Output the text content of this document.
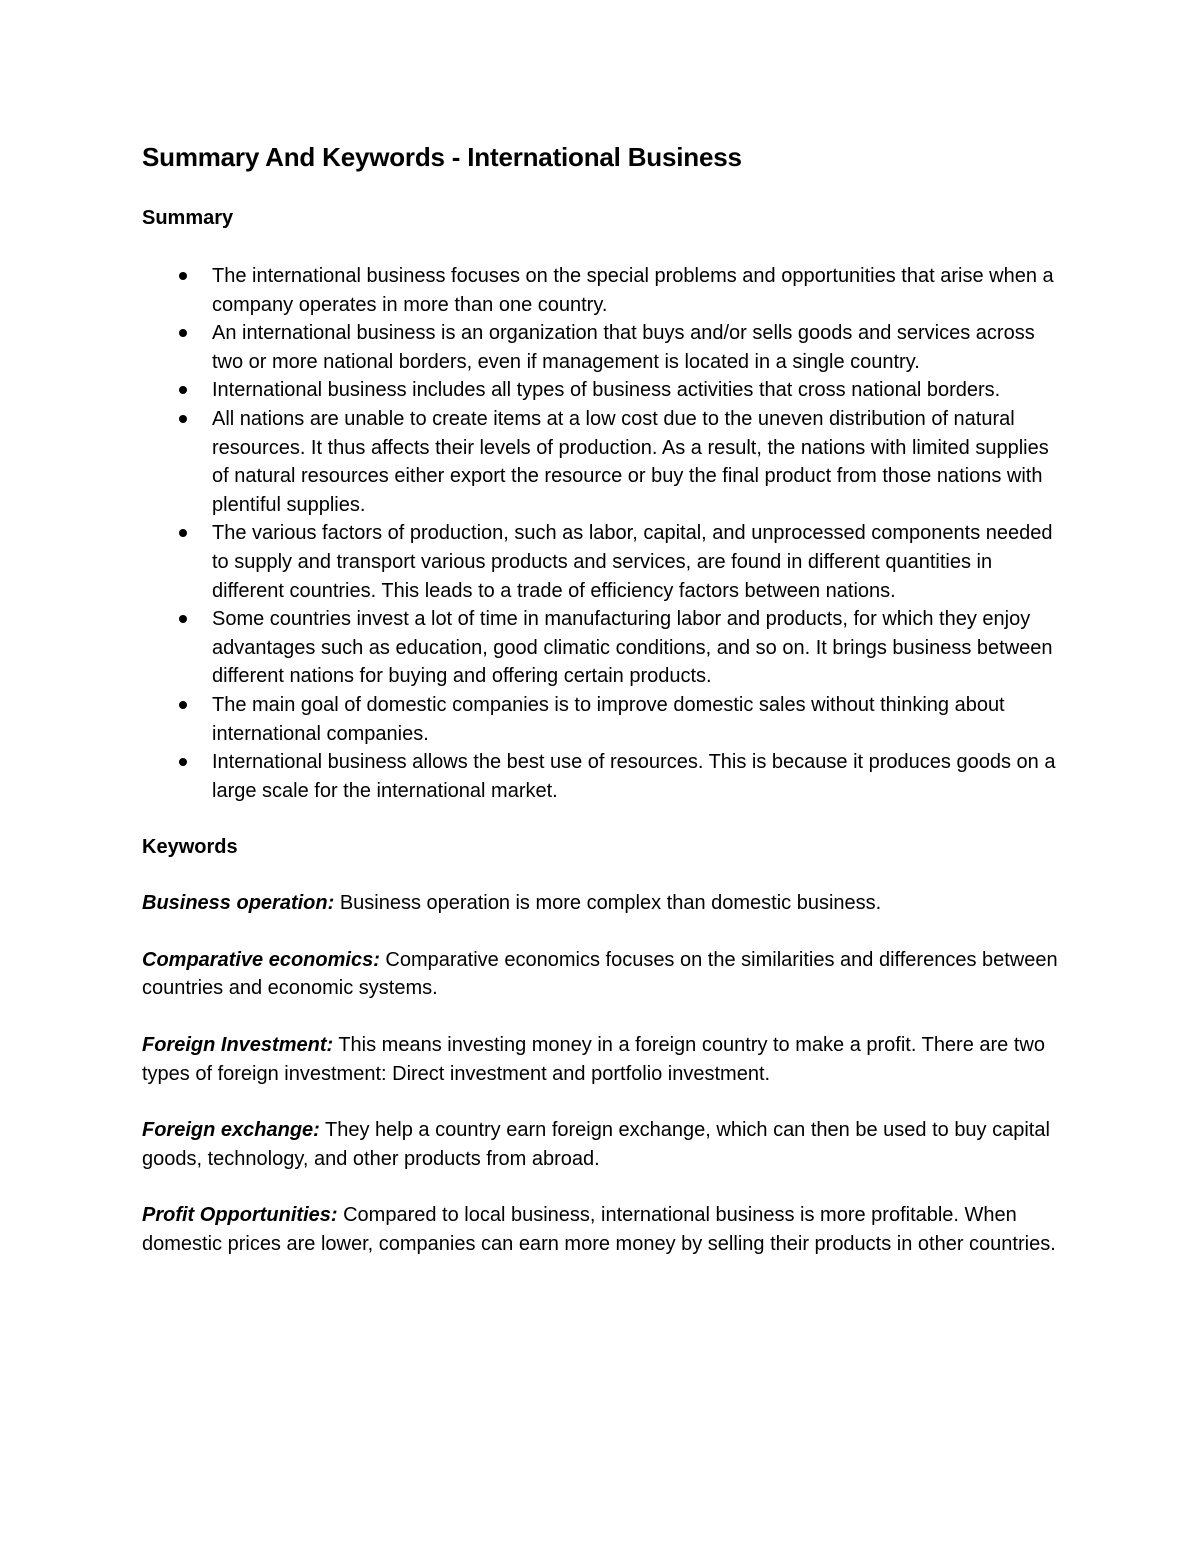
Summary And Keywords - International Business
Summary
The international business focuses on the special problems and opportunities that arise when a company operates in more than one country.
An international business is an organization that buys and/or sells goods and services across two or more national borders, even if management is located in a single country.
International business includes all types of business activities that cross national borders.
All nations are unable to create items at a low cost due to the uneven distribution of natural resources. It thus affects their levels of production. As a result, the nations with limited supplies of natural resources either export the resource or buy the final product from those nations with plentiful supplies.
The various factors of production, such as labor, capital, and unprocessed components needed to supply and transport various products and services, are found in different quantities in different countries. This leads to a trade of efficiency factors between nations.
Some countries invest a lot of time in manufacturing labor and products, for which they enjoy advantages such as education, good climatic conditions, and so on. It brings business between different nations for buying and offering certain products.
The main goal of domestic companies is to improve domestic sales without thinking about international companies.
International business allows the best use of resources. This is because it produces goods on a large scale for the international market.
Keywords

Business operation: Business operation is more complex than domestic business.

Comparative economics: Comparative economics focuses on the similarities and differences between countries and economic systems.

Foreign Investment: This means investing money in a foreign country to make a profit. There are two types of foreign investment: Direct investment and portfolio investment.

Foreign exchange: They help a country earn foreign exchange, which can then be used to buy capital goods, technology, and other products from abroad.

Profit Opportunities: Compared to local business, international business is more profitable. When domestic prices are lower, companies can earn more money by selling their products in other countries.
